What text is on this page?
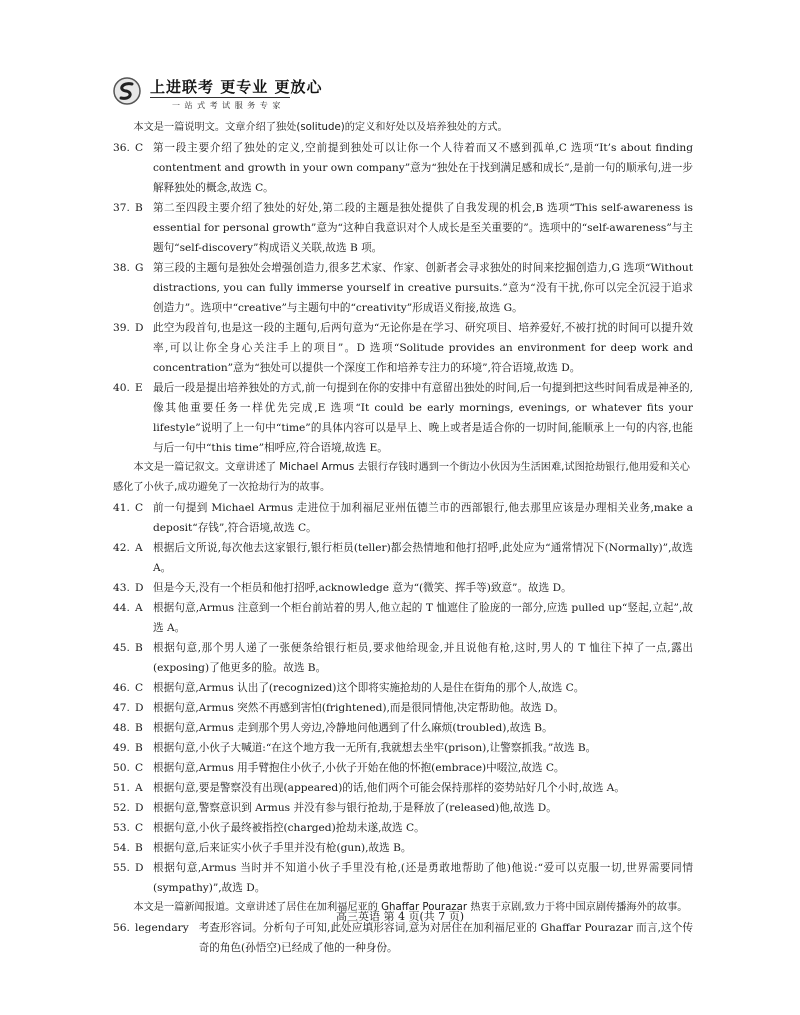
上进联考 更专业 更放心
一 站 式 考 试 服 务 专 家
本文是一篇说明文。文章介绍了独处(solitude)的定义和好处以及培养独处的方式。
36. C 第一段主要介绍了独处的定义,空前提到独处可以让你一个人待着而又不感到孤单,C 选项“It’s about finding contentment and growth in your own company”意为“独处在于找到满足感和成长”,是前一句的顺承句,进一步解释独处的概念,故选 C。
37. B 第二至四段主要介绍了独处的好处,第二段的主题是独处提供了自我发现的机会,B 选项“This self-awareness is essential for personal growth”意为“这种自我意识对个人成长是至关重要的”。选项中的“self-awareness”与主题句“self-discovery”构成语义关联,故选 B 项。
38. G 第三段的主题句是独处会增强创造力,很多艺术家、作家、创新者会寻求独处的时间来挖掘创造力,G 选项“Without distractions, you can fully immerse yourself in creative pursuits.”意为“没有干扰,你可以完全沉浸于追求创造力”。选项中“creative”与主题句中的“creativity”形成语义衔接,故选 G。
39. D 此空为段首句,也是这一段的主题句,后两句意为“无论你是在学习、研究项目、培养爱好,不被打扰的时间可以提升效率,可以让你全身心关注手上的项目”。D 选项“Solitude provides an environment for deep work and concentration”意为“独处可以提供一个深度工作和培养专注力的环境”,符合语境,故选 D。
40. E 最后一段是提出培养独处的方式,前一句提到在你的安排中有意留出独处的时间,后一句提到把这些时间看成是神圣的,像其他重要任务一样优先完成,E 选项“It could be early mornings, evenings, or whatever fits your lifestyle”说明了上一句中“time”的具体内容可以是早上、晚上或者是适合你的一切时间,能顺承上一句的内容,也能与后一句中“this time”相呼应,符合语境,故选 E。
本文是一篇记叙文。文章讲述了 Michael Armus 去银行存钱时遇到一个街边小伙因为生活困难,试图抢劫银行,他用爱和关心感化了小伙子,成功避免了一次抢劫行为的故事。
41. C 前一句提到 Michael Armus 走进位于加利福尼亚州伍德兰市的西部银行,他去那里应该是办理相关业务,make a deposit“存钱”,符合语境,故选 C。
42. A 根据后文所说,每次他去这家银行,银行柜员(teller)都会热情地和他打招呼,此处应为“通常情况下(Normally)”,故选 A。
43. D 但是今天,没有一个柜员和他打招呼,acknowledge 意为“(微笑、挥手等)致意”。故选 D。
44. A 根据句意,Armus 注意到一个柜台前站着的男人,他立起的 T 恤遮住了脸庞的一部分,应选 pulled up“竖起,立起”,故选 A。
45. B 根据句意,那个男人递了一张便条给银行柜员,要求他给现金,并且说他有枪,这时,男人的 T 恤往下掉了一点,露出(exposing)了他更多的脸。故选 B。
46. C 根据句意,Armus 认出了(recognized)这个即将实施抢劫的人是住在街角的那个人,故选 C。
47. D 根据句意,Armus 突然不再感到害怕(frightened),而是很同情他,决定帮助他。故选 D。
48. B 根据句意,Armus 走到那个男人旁边,冷静地问他遇到了什么麻烦(troubled),故选 B。
49. B 根据句意,小伙子大喊道:“在这个地方我一无所有,我就想去坐牢(prison),让警察抓我。”故选 B。
50. C 根据句意,Armus 用手臂抱住小伙子,小伙子开始在他的怀抱(embrace)中啜泣,故选 C。
51. A 根据句意,要是警察没有出现(appeared)的话,他们两个可能会保持那样的姿势站好几个小时,故选 A。
52. D 根据句意,警察意识到 Armus 并没有参与银行抢劫,于是释放了(released)他,故选 D。
53. C 根据句意,小伙子最终被指控(charged)抢劫未遂,故选 C。
54. B 根据句意,后来证实小伙子手里并没有枪(gun),故选 B。
55. D 根据句意,Armus 当时并不知道小伙子手里没有枪,(还是勇敢地帮助了他)他说:“爱可以克服一切,世界需要同情(sympathy)”,故选 D。
本文是一篇新闻报道。文章讲述了居住在加利福尼亚的 Ghaffar Pourazar 热衷于京剧,致力于将中国京剧传播海外的故事。
56. legendary 考查形容词。分析句子可知,此处应填形容词,意为对居住在加利福尼亚的 Ghaffar Pourazar 而言,这个传奇的角色(孙悟空)已经成了他的一种身份。
高三英语 第 4 页(共 7 页)
